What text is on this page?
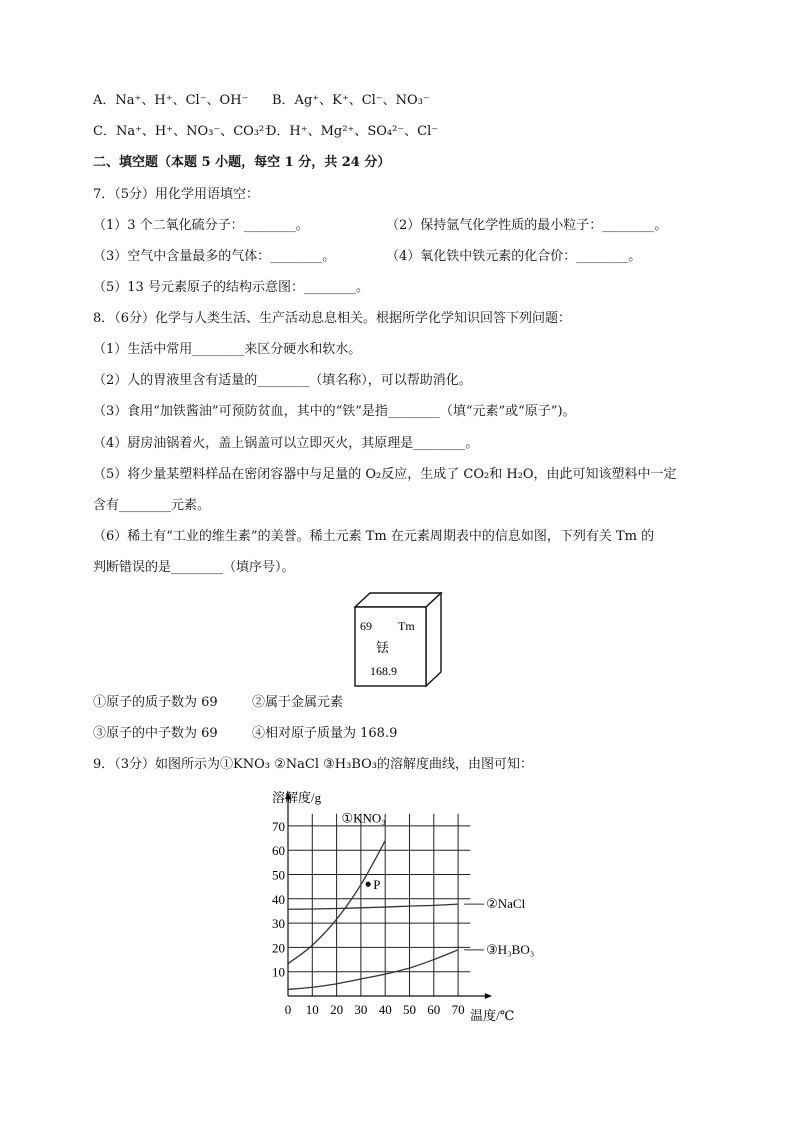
A．Na⁺、H⁺、Cl⁻、OH⁻ B．Ag⁺、K⁺、Cl⁻、NO₃⁻
C．Na⁺、H⁺、NO₃⁻、CO₃²⁻
D．H⁺、Mg²⁺、SO₄²⁻、Cl⁻
二、填空题（本题 5 小题，每空 1 分，共 24 分）
7．（5分）用化学用语填空：
（1）3 个二氧化硫分子：________。	（2）保持氩气化学性质的最小粒子：________。
（3）空气中含量最多的气体：________。	（4）氧化铁中铁元素的化合价：________。
（5）13 号元素原子的结构示意图：________。
8．（6分）化学与人类生活、生产活动息息相关。根据所学化学知识回答下列问题：
（1）生活中常用________来区分硬水和软水。
（2）人的胃液里含有适量的________（填名称），可以帮助消化。
（3）食用“加铁酱油”可预防贫血，其中的“铁”是指________（填“元素”或“原子”)。
（4）厨房油锅着火，盖上锅盖可以立即灭火，其原理是________。
（5）将少量某塑料样品在密闭容器中与足量的 O₂反应，生成了 CO₂和 H₂O，由此可知该塑料中一定
含有________元素。
（6）稀土有“工业的维生素”的美誉。稀土元素 Tm 在元素周期表中的信息如图，下列有关 Tm 的
判断错误的是________（填序号）。
69 Tm
铥
168.9
①原子的质子数为 69	②属于金属元素
③原子的中子数为 69	④相对原子质量为 168.9
9．（3分）如图所示为①KNO₃ ②NaCl ③H₃BO₃的溶解度曲线，由图可知：
0 10 20 30 40 50 60 70
10
20
30
40
50
60
70
溶解度/g
温度/℃
①KNO₃
②NaCl
③H₃BO₃
P
